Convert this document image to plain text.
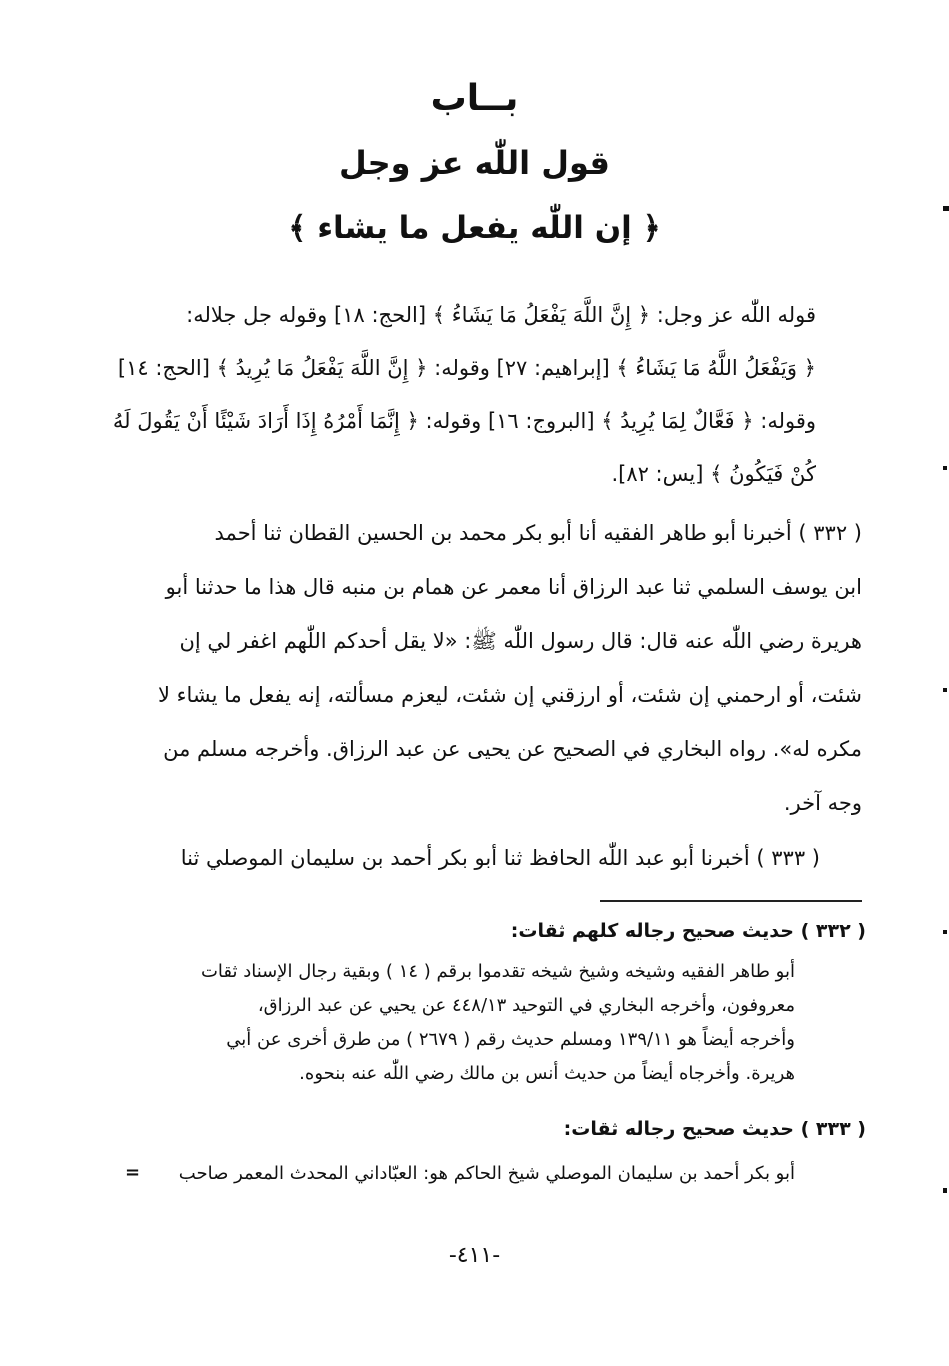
بــاب
قول اللّٰه عز وجل
﴿ إن اللّٰه يفعل ما يشاء ﴾
قوله اللّٰه عز وجل: ﴿ إِنَّ اللَّهَ يَفْعَلُ مَا يَشَاءُ ﴾ [الحج: ١٨] وقوله جل جلاله:
﴿ وَيَفْعَلُ اللَّهُ مَا يَشَاءُ ﴾ [إبراهيم: ٢٧] وقوله: ﴿ إِنَّ اللَّهَ يَفْعَلُ مَا يُرِيدُ ﴾ [الحج: ١٤]
وقوله: ﴿ فَعَّالٌ لِمَا يُرِيدُ ﴾ [البروج: ١٦] وقوله: ﴿ إِنَّمَا أَمْرُهُ إِذَا أَرَادَ شَيْئًا أَنْ يَقُولَ لَهُ
كُنْ فَيَكُونُ ﴾ [يس: ٨٢].
( ٣٣٢ ) أخبرنا أبو طاهر الفقيه أنا أبو بكر محمد بن الحسين القطان ثنا أحمد
ابن يوسف السلمي ثنا عبد الرزاق أنا معمر عن همام بن منبه قال هذا ما حدثنا أبو
هريرة رضي اللّٰه عنه قال: قال رسول اللّٰه ﷺ: «لا يقل أحدكم اللّٰهم اغفر لي إن
شئت، أو ارحمني إن شئت، أو ارزقني إن شئت، ليعزم مسألته، إنه يفعل ما يشاء لا
مكره له». رواه البخاري في الصحيح عن يحيى عن عبد الرزاق. وأخرجه مسلم من
وجه آخر.
( ٣٣٣ ) أخبرنا أبو عبد اللّٰه الحافظ ثنا أبو بكر أحمد بن سليمان الموصلي ثنا
( ٣٣٢ ) حديث صحيح رجاله كلهم ثقات:
أبو طاهر الفقيه وشيخه وشيخ شيخه تقدموا برقم ( ١٤ ) وبقية رجال الإسناد ثقات
معروفون، وأخرجه البخاري في التوحيد ٤٤٨/١٣ عن يحيي عن عبد الرزاق،
وأخرجه أيضاً هو ١٣٩/١١ ومسلم حديث رقم ( ٢٦٧٩ ) من طرق أخرى عن أبي
هريرة. وأخرجاه أيضاً من حديث أنس بن مالك رضي اللّٰه عنه بنحوه.
( ٣٣٣ ) حديث صحيح رجاله ثقات:
أبو بكر أحمد بن سليمان الموصلي شيخ الحاكم هو: العبّاداني المحدث المعمر صاحب
=
-٤١١-
